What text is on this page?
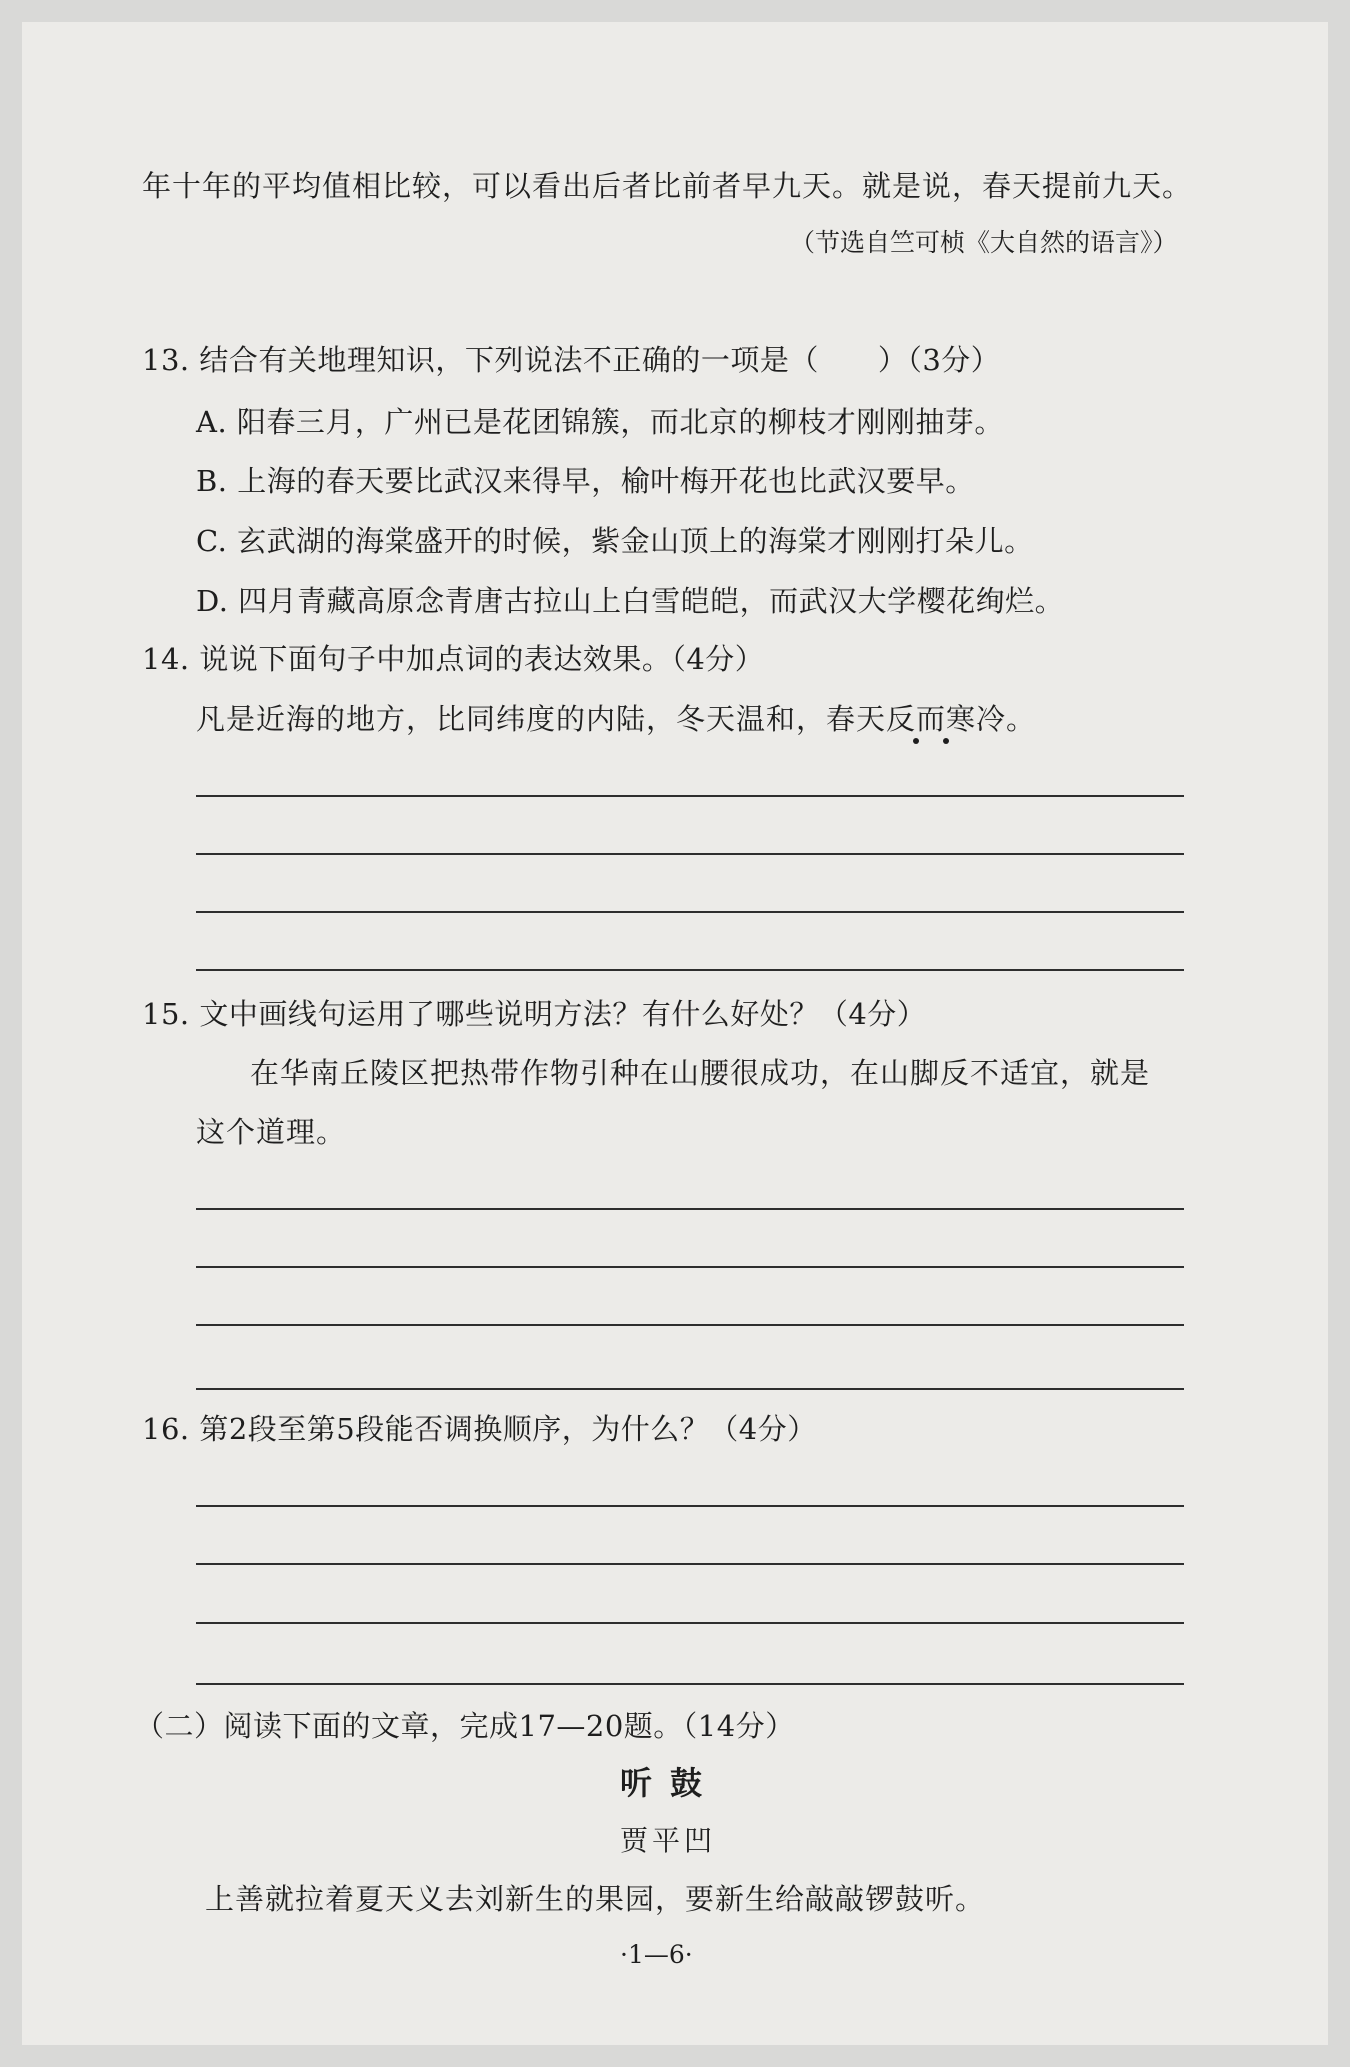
年十年的平均值相比较，可以看出后者比前者早九天。就是说，春天提前九天。
（节选自竺可桢《大自然的语言》）
13. 结合有关地理知识，下列说法不正确的一项是（　　）（3分）
A. 阳春三月，广州已是花团锦簇，而北京的柳枝才刚刚抽芽。
B. 上海的春天要比武汉来得早，榆叶梅开花也比武汉要早。
C. 玄武湖的海棠盛开的时候，紫金山顶上的海棠才刚刚打朵儿。
D. 四月青藏高原念青唐古拉山上白雪皑皑，而武汉大学樱花绚烂。
14. 说说下面句子中加点词的表达效果。（4分）
凡是近海的地方，比同纬度的内陆，冬天温和，春天反而寒冷。
15. 文中画线句运用了哪些说明方法？有什么好处？（4分）
在华南丘陵区把热带作物引种在山腰很成功，在山脚反不适宜，就是
这个道理。
16. 第2段至第5段能否调换顺序，为什么？（4分）
（二）阅读下面的文章，完成17—20题。（14分）
听鼓
贾平凹
上善就拉着夏天义去刘新生的果园，要新生给敲敲锣鼓听。
·1—6·
